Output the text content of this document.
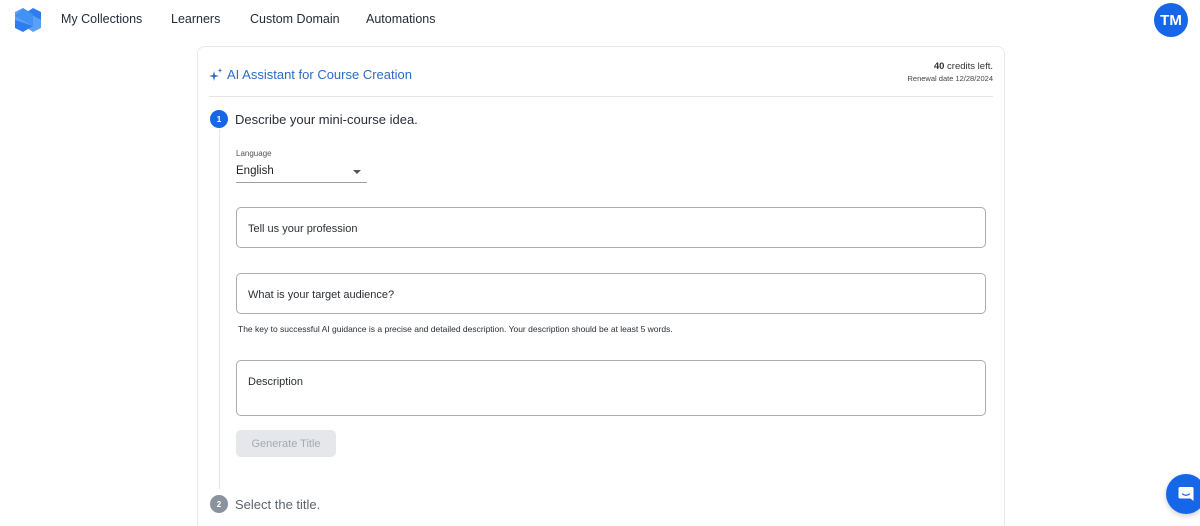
My Collections Learners Custom Domain Automations	TM
AI Assistant for Course Creation
40 credits left.
Renewal date 12/28/2024
1	Describe your mini-course idea.
Language
English
Tell us your profession
What is your target audience?
The key to successful AI guidance is a precise and detailed description. Your description should be at least 5 words.
Description
Generate Title
2	Select the title.
